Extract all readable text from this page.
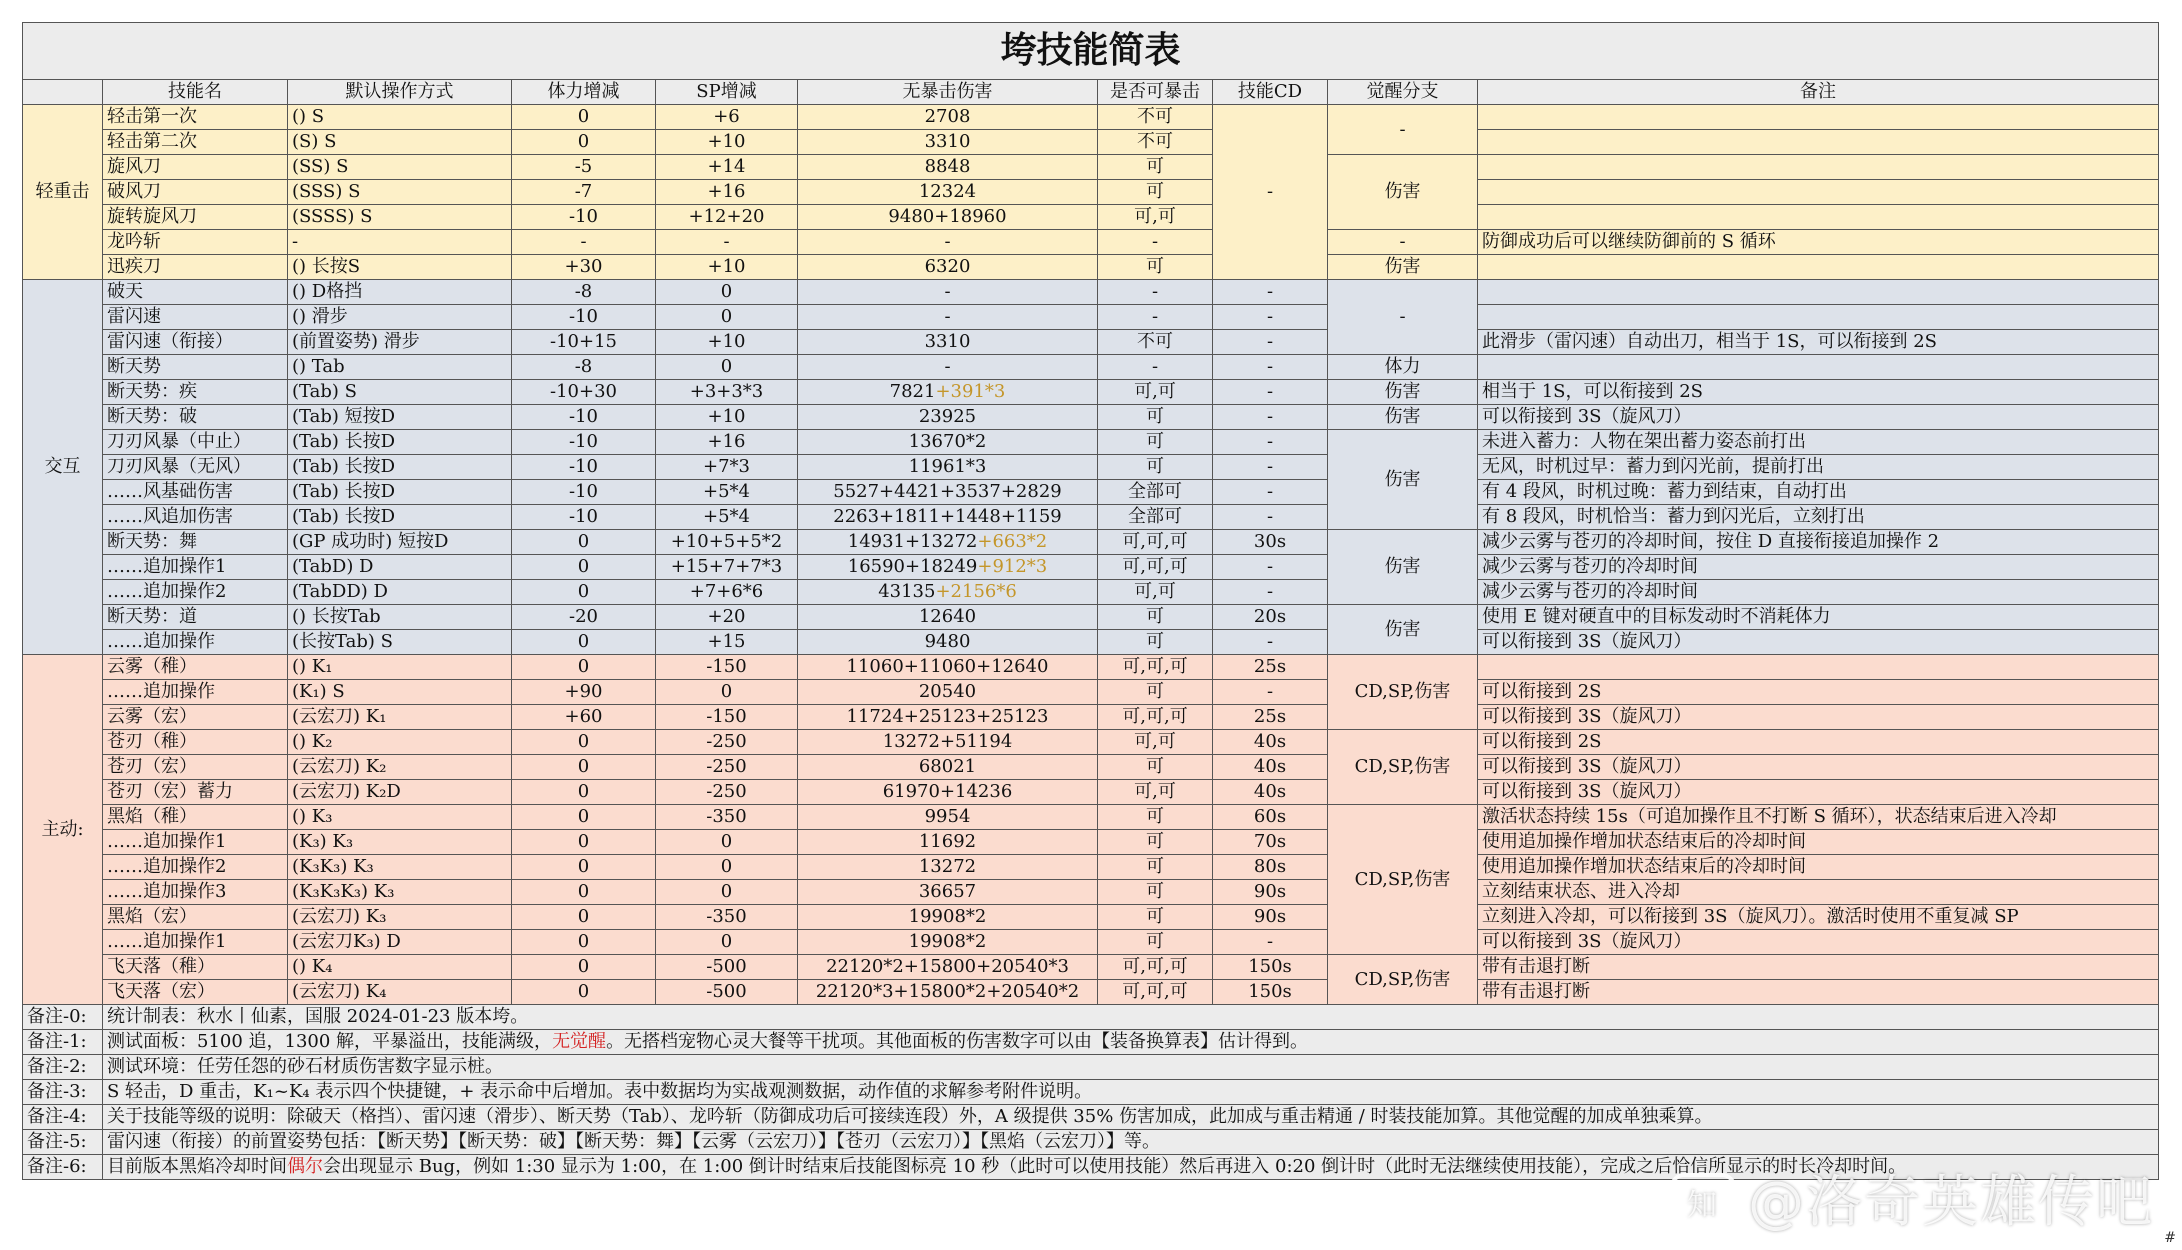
垮技能简表									
	技能名	默认操作方式	体力增减	SP增减	无暴击伤害	是否可暴击	技能CD	觉醒分支	备注
轻重击	轻击第一次	() S	0	+6	2708	不可	-	-	
	轻击第二次	(S) S	0	+10	3310	不可			
	旋风刀	(SS) S	-5	+14	8848	可		伤害	
	破风刀	(SSS) S	-7	+16	12324	可			
	旋转旋风刀	(SSSS) S	-10	+12+20	9480+18960	可,可			
	龙吟斩	-	-	-	-	-		-	防御成功后可以继续防御前的 S 循环
	迅疾刀	() 长按S	+30	+10	6320	可		伤害	
交互	破天	() D格挡	-8	0	-	-	-	-	
	雷闪速	() 滑步	-10	0	-	-	-		
	雷闪速（衔接）	(前置姿势) 滑步	-10+15	+10	3310	不可	-		此滑步（雷闪速）自动出刀，相当于 1S，可以衔接到 2S
	断天势	() Tab	-8	0	-	-	-	体力	
	断天势：疾	(Tab) S	-10+30	+3+3*3	7821+391*3	可,可	-	伤害	相当于 1S，可以衔接到 2S
	断天势：破	(Tab) 短按D	-10	+10	23925	可	-	伤害	可以衔接到 3S（旋风刀）
	刀刃风暴（中止）	(Tab) 长按D	-10	+16	13670*2	可	-	伤害	未进入蓄力：人物在架出蓄力姿态前打出
	刀刃风暴（无风）	(Tab) 长按D	-10	+7*3	11961*3	可	-		无风，时机过早：蓄力到闪光前，提前打出
	……风基础伤害	(Tab) 长按D	-10	+5*4	5527+4421+3537+2829	全部可	-		有 4 段风，时机过晚：蓄力到结束，自动打出
	……风追加伤害	(Tab) 长按D	-10	+5*4	2263+1811+1448+1159	全部可	-		有 8 段风，时机恰当：蓄力到闪光后，立刻打出
	断天势：舞	(GP 成功时) 短按D	0	+10+5+5*2	14931+13272+663*2	可,可,可	30s	伤害	减少云雾与苍刃的冷却时间，按住 D 直接衔接追加操作 2
	……追加操作1	(TabD) D	0	+15+7+7*3	16590+18249+912*3	可,可,可	-		减少云雾与苍刃的冷却时间
	……追加操作2	(TabDD) D	0	+7+6*6	43135+2156*6	可,可	-		减少云雾与苍刃的冷却时间
	断天势：道	() 长按Tab	-20	+20	12640	可	20s	伤害	使用 E 键对硬直中的目标发动时不消耗体力
	……追加操作	(长按Tab) S	0	+15	9480	可	-		可以衔接到 3S（旋风刀）
主动:	云雾（稚）	() K₁	0	-150	11060+11060+12640	可,可,可	25s	CD,SP,伤害	
	……追加操作	(K₁) S	+90	0	20540	可	-		可以衔接到 2S
	云雾（宏）	(云宏刀) K₁	+60	-150	11724+25123+25123	可,可,可	25s		可以衔接到 3S（旋风刀）
	苍刃（稚）	() K₂	0	-250	13272+51194	可,可	40s	CD,SP,伤害	可以衔接到 2S
	苍刃（宏）	(云宏刀) K₂	0	-250	68021	可	40s		可以衔接到 3S（旋风刀）
	苍刃（宏）蓄力	(云宏刀) K₂D	0	-250	61970+14236	可,可	40s		可以衔接到 3S（旋风刀）
	黑焰（稚）	() K₃	0	-350	9954	可	60s	CD,SP,伤害	激活状态持续 15s（可追加操作且不打断 S 循环），状态结束后进入冷却
	……追加操作1	(K₃) K₃	0	0	11692	可	70s		使用追加操作增加状态结束后的冷却时间
	……追加操作2	(K₃K₃) K₃	0	0	13272	可	80s		使用追加操作增加状态结束后的冷却时间
	……追加操作3	(K₃K₃K₃) K₃	0	0	36657	可	90s		立刻结束状态、进入冷却
	黑焰（宏）	(云宏刀) K₃	0	-350	19908*2	可	90s		立刻进入冷却，可以衔接到 3S（旋风刀）。激活时使用不重复减 SP
	……追加操作1	(云宏刀K₃) D	0	0	19908*2	可	-		可以衔接到 3S（旋风刀）
	飞天落（稚）	() K₄	0	-500	22120*2+15800+20540*3	可,可,可	150s	CD,SP,伤害	带有击退打断
	飞天落（宏）	(云宏刀) K₄	0	-500	22120*3+15800*2+20540*2	可,可,可	150s		带有击退打断
备注-0:	统计制表：秋水丨仙素，国服 2024-01-23 版本垮。								
备注-1:	测试面板：5100 追，1300 解，平暴溢出，技能满级，无觉醒。无搭档宠物心灵大餐等干扰项。其他面板的伤害数字可以由【装备换算表】估计得到。								
备注-2:	测试环境：任劳任怨的砂石材质伤害数字显示桩。								
备注-3:	S 轻击，D 重击，K₁~K₄ 表示四个快捷键，+ 表示命中后增加。表中数据均为实战观测数据，动作值的求解参考附件说明。								
备注-4:	关于技能等级的说明：除破天（格挡）、雷闪速（滑步）、断天势（Tab）、龙吟斩（防御成功后可接续连段）外，A 级提供 35% 伤害加成，此加成与重击精通 / 时装技能加算。其他觉醒的加成单独乘算。								
备注-5:	雷闪速（衔接）的前置姿势包括：【断天势】【断天势：破】【断天势：舞】【云雾（云宏刀）】【苍刃（云宏刀）】【黑焰（云宏刀）】等。								
备注-6:	目前版本黑焰冷却时间偶尔会出现显示 Bug，例如 1:30 显示为 1:00，在 1:00 倒计时结束后技能图标亮 10 秒（此时可以使用技能）然后再进入 0:20 倒计时（此时无法继续使用技能），完成之后恰信所显示的时长冷却时间。								
知 @洛奇英雄传吧
#
